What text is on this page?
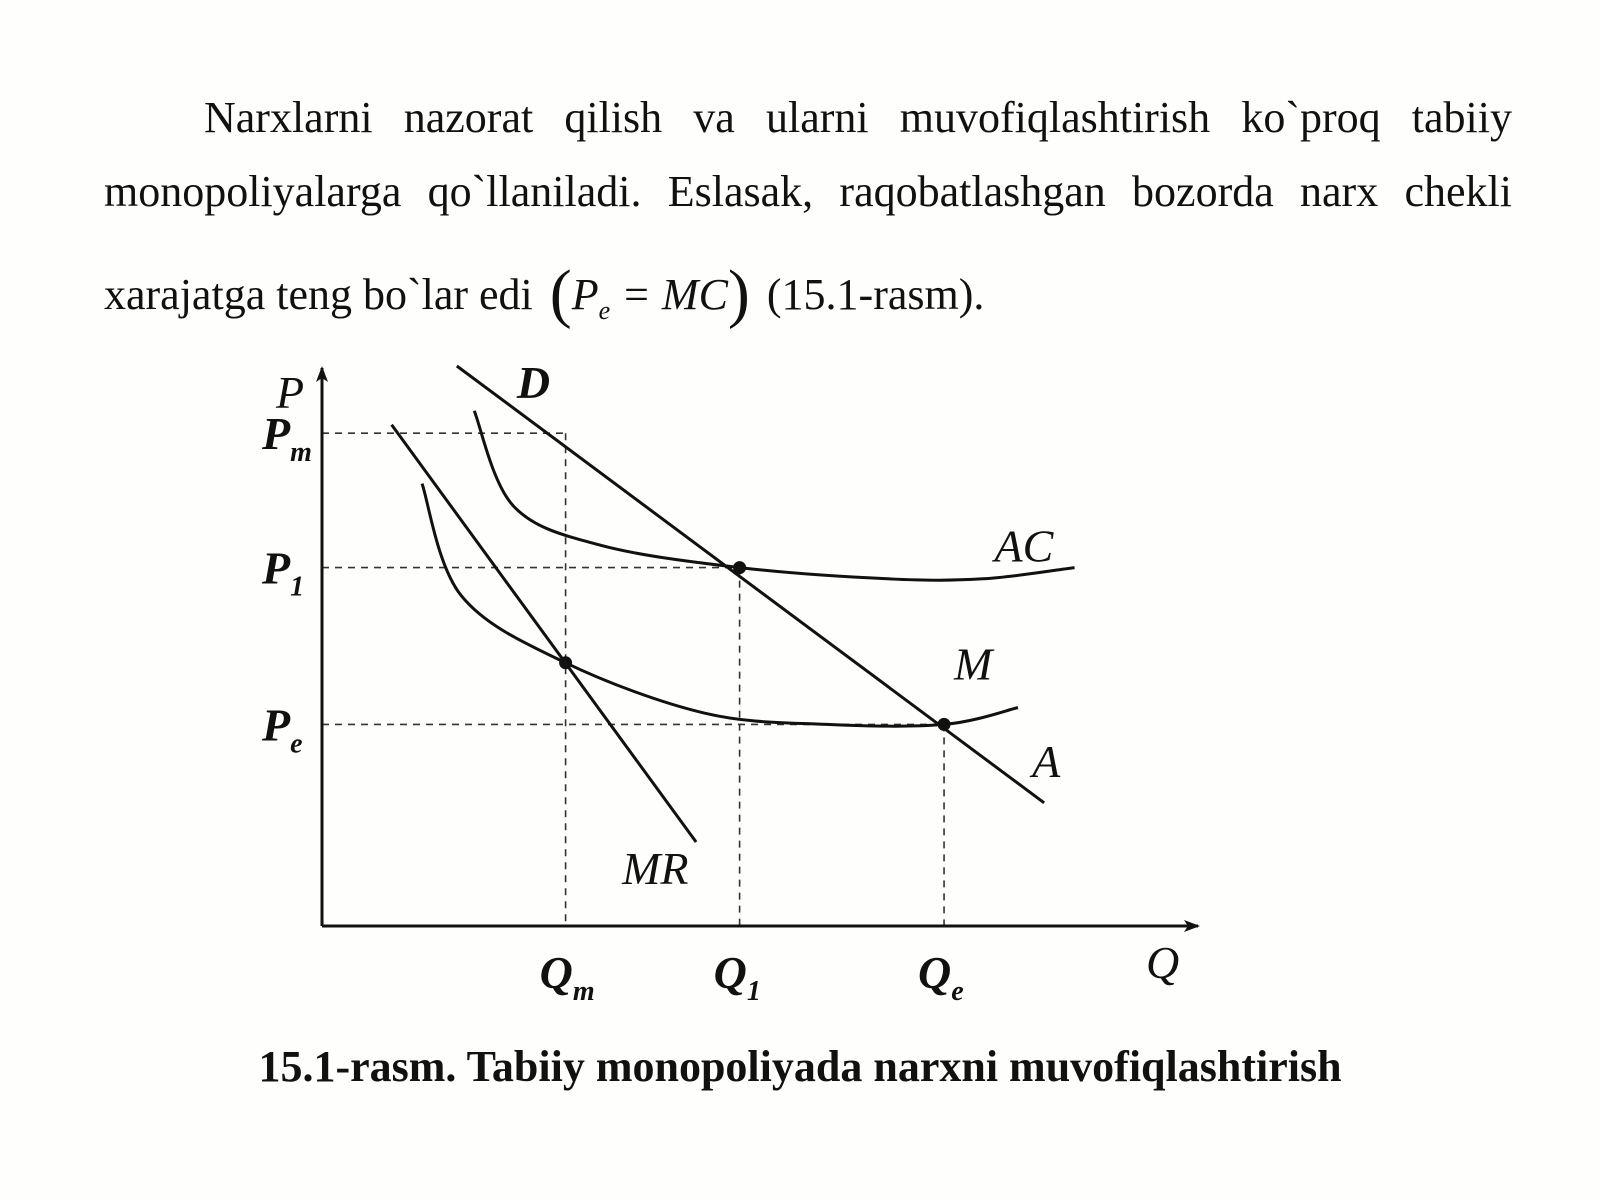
Narxlarni nazorat qilish va ularni muvofiqlashtirish ko`proq tabiiy
monopoliyalarga qo`llaniladi. Eslasak, raqobatlashgan bozorda narx chekli
xarajatga teng bo`lar edi $(P_e = MC)$ (15.1-rasm).
P
Q
$P_m$
$P_1$
$P_e$
$Q_m$	$Q_1$	$Q_e$
D
A
MR
AC
M
15.1-rasm. Tabiiy monopoliyada narxni muvofiqlashtirish
